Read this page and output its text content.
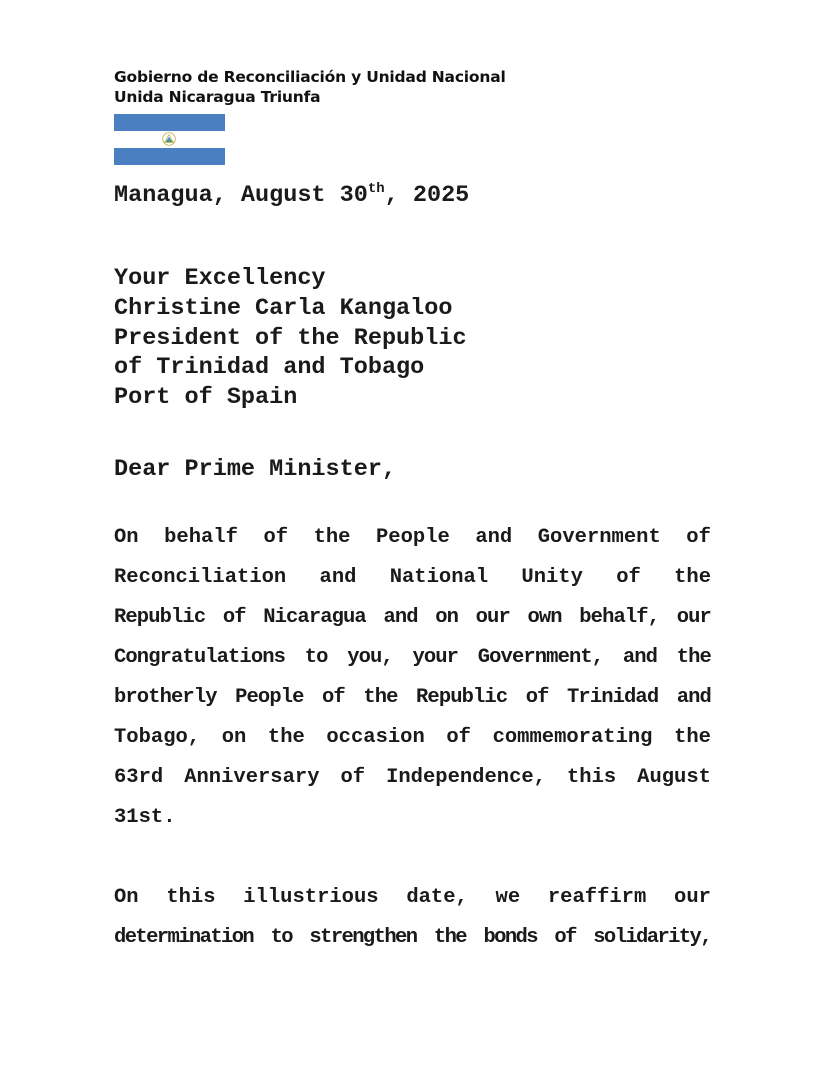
Gobierno de Reconciliación y Unidad Nacional
Unida Nicaragua Triunfa
Managua, August 30th, 2025
Your Excellency
Christine Carla Kangaloo
President of the Republic
of Trinidad and Tobago
Port of Spain
Dear Prime Minister,
On behalf of the People and Government of
Reconciliation and National Unity of the
Republic of Nicaragua and on our own behalf, our
Congratulations to you, your Government, and the
brotherly People of the Republic of Trinidad and
Tobago, on the occasion of commemorating the
63rd Anniversary of Independence, this August
31st.
On this illustrious date, we reaffirm our
determination to strengthen the bonds of solidarity,
